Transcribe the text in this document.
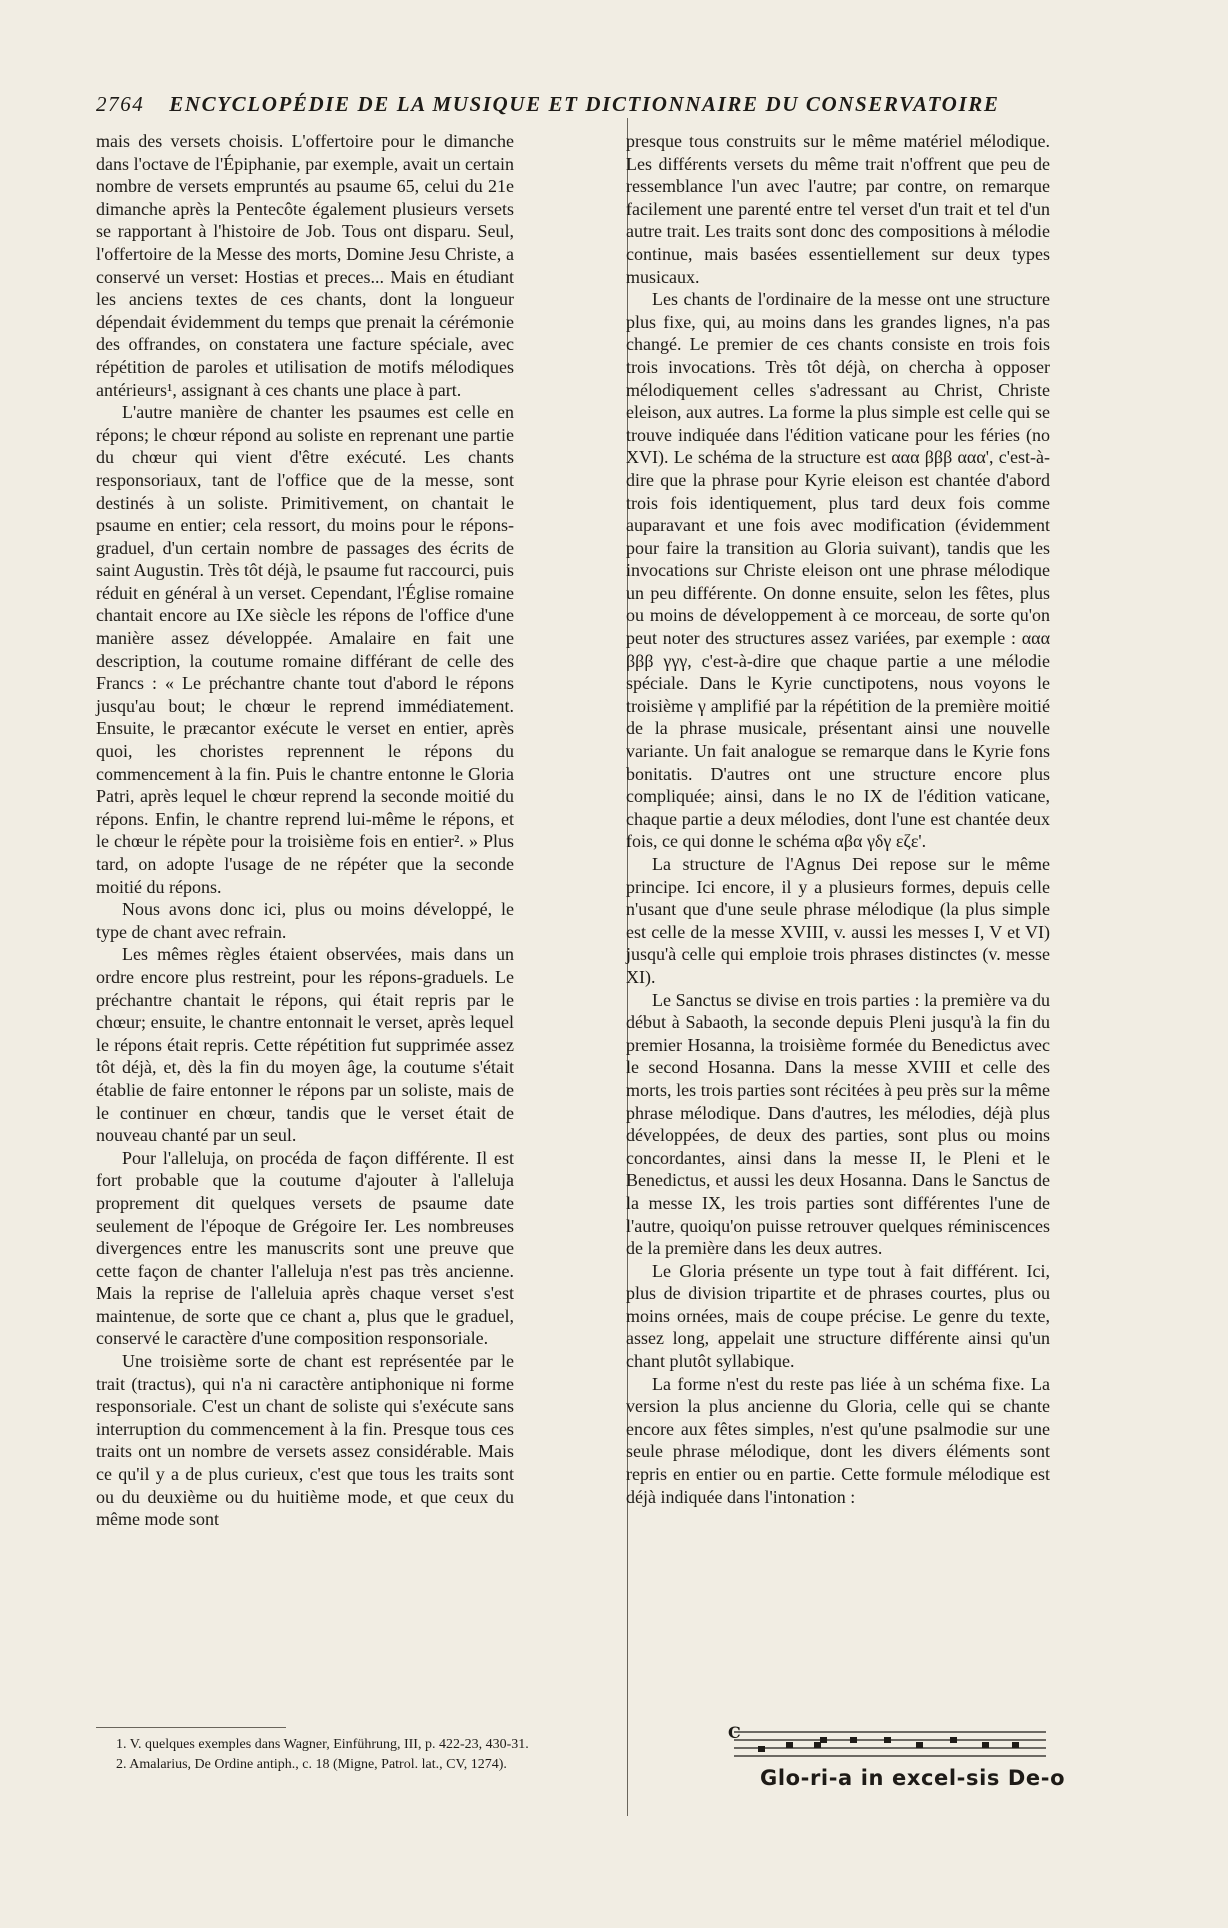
2764 ENCYCLOPÉDIE DE LA MUSIQUE ET DICTIONNAIRE DU CONSERVATOIRE

mais des versets choisis. L'offertoire pour le dimanche dans l'octave de l'Épiphanie, par exemple, avait un certain nombre de versets empruntés au psaume 65, celui du 21e dimanche après la Pentecôte également plusieurs versets se rapportant à l'histoire de Job. Tous ont disparu. Seul, l'offertoire de la Messe des morts, Domine Jesu Christe, a conservé un verset: Hostias et preces... Mais en étudiant les anciens textes de ces chants, dont la longueur dépendait évidemment du temps que prenait la cérémonie des offrandes, on constatera une facture spéciale, avec répétition de paroles et utilisation de motifs mélodiques antérieurs¹, assignant à ces chants une place à part.

L'autre manière de chanter les psaumes est celle en répons; le chœur répond au soliste en reprenant une partie du chœur qui vient d'être exécuté. Les chants responsoriaux, tant de l'office que de la messe, sont destinés à un soliste. Primitivement, on chantait le psaume en entier; cela ressort, du moins pour le répons-graduel, d'un certain nombre de passages des écrits de saint Augustin. Très tôt déjà, le psaume fut raccourci, puis réduit en général à un verset. Cependant, l'Église romaine chantait encore au IXe siècle les répons de l'office d'une manière assez développée. Amalaire en fait une description, la coutume romaine différant de celle des Francs : « Le préchantre chante tout d'abord le répons jusqu'au bout; le chœur le reprend immédiatement. Ensuite, le præcantor exécute le verset en entier, après quoi, les choristes reprennent le répons du commencement à la fin. Puis le chantre entonne le Gloria Patri, après lequel le chœur reprend la seconde moitié du répons. Enfin, le chantre reprend lui-même le répons, et le chœur le répète pour la troisième fois en entier². » Plus tard, on adopte l'usage de ne répéter que la seconde moitié du répons.

Nous avons donc ici, plus ou moins développé, le type de chant avec refrain.

Les mêmes règles étaient observées, mais dans un ordre encore plus restreint, pour les répons-graduels. Le préchantre chantait le répons, qui était repris par le chœur; ensuite, le chantre entonnait le verset, après lequel le répons était repris. Cette répétition fut supprimée assez tôt déjà, et, dès la fin du moyen âge, la coutume s'était établie de faire entonner le répons par un soliste, mais de le continuer en chœur, tandis que le verset était de nouveau chanté par un seul.

Pour l'alleluja, on procéda de façon différente. Il est fort probable que la coutume d'ajouter à l'alleluja proprement dit quelques versets de psaume date seulement de l'époque de Grégoire Ier. Les nombreuses divergences entre les manuscrits sont une preuve que cette façon de chanter l'alleluja n'est pas très ancienne. Mais la reprise de l'alleluia après chaque verset s'est maintenue, de sorte que ce chant a, plus que le graduel, conservé le caractère d'une composition responsoriale.

Une troisième sorte de chant est représentée par le trait (tractus), qui n'a ni caractère antiphonique ni forme responsoriale. C'est un chant de soliste qui s'exécute sans interruption du commencement à la fin. Presque tous ces traits ont un nombre de versets assez considérable. Mais ce qu'il y a de plus curieux, c'est que tous les traits sont ou du deuxième ou du huitième mode, et que ceux du même mode sont

presque tous construits sur le même matériel mélodique. Les différents versets du même trait n'offrent que peu de ressemblance l'un avec l'autre; par contre, on remarque facilement une parenté entre tel verset d'un trait et tel d'un autre trait. Les traits sont donc des compositions à mélodie continue, mais basées essentiellement sur deux types musicaux.

Les chants de l'ordinaire de la messe ont une structure plus fixe, qui, au moins dans les grandes lignes, n'a pas changé. Le premier de ces chants consiste en trois fois trois invocations. Très tôt déjà, on chercha à opposer mélodiquement celles s'adressant au Christ, Christe eleison, aux autres. La forme la plus simple est celle qui se trouve indiquée dans l'édition vaticane pour les féries (no XVI). Le schéma de la structure est ααα βββ ααα', c'est-à-dire que la phrase pour Kyrie eleison est chantée d'abord trois fois identiquement, plus tard deux fois comme auparavant et une fois avec modification (évidemment pour faire la transition au Gloria suivant), tandis que les invocations sur Christe eleison ont une phrase mélodique un peu différente. On donne ensuite, selon les fêtes, plus ou moins de développement à ce morceau, de sorte qu'on peut noter des structures assez variées, par exemple : ααα βββ γγγ, c'est-à-dire que chaque partie a une mélodie spéciale. Dans le Kyrie cunctipotens, nous voyons le troisième γ amplifié par la répétition de la première moitié de la phrase musicale, présentant ainsi une nouvelle variante. Un fait analogue se remarque dans le Kyrie fons bonitatis. D'autres ont une structure encore plus compliquée; ainsi, dans le no IX de l'édition vaticane, chaque partie a deux mélodies, dont l'une est chantée deux fois, ce qui donne le schéma αβα γδγ εζε'.

La structure de l'Agnus Dei repose sur le même principe. Ici encore, il y a plusieurs formes, depuis celle n'usant que d'une seule phrase mélodique (la plus simple est celle de la messe XVIII, v. aussi les messes I, V et VI) jusqu'à celle qui emploie trois phrases distinctes (v. messe XI).

Le Sanctus se divise en trois parties : la première va du début à Sabaoth, la seconde depuis Pleni jusqu'à la fin du premier Hosanna, la troisième formée du Benedictus avec le second Hosanna. Dans la messe XVIII et celle des morts, les trois parties sont récitées à peu près sur la même phrase mélodique. Dans d'autres, les mélodies, déjà plus développées, de deux des parties, sont plus ou moins concordantes, ainsi dans la messe II, le Pleni et le Benedictus, et aussi les deux Hosanna. Dans le Sanctus de la messe IX, les trois parties sont différentes l'une de l'autre, quoiqu'on puisse retrouver quelques réminiscences de la première dans les deux autres.

Le Gloria présente un type tout à fait différent. Ici, plus de division tripartite et de phrases courtes, plus ou moins ornées, mais de coupe précise. Le genre du texte, assez long, appelait une structure différente ainsi qu'un chant plutôt syllabique.

La forme n'est du reste pas liée à un schéma fixe. La version la plus ancienne du Gloria, celle qui se chante encore aux fêtes simples, n'est qu'une psalmodie sur une seule phrase mélodique, dont les divers éléments sont repris en entier ou en partie. Cette formule mélodique est déjà indiquée dans l'intonation :

1. V. quelques exemples dans Wagner, Einführung, III, p. 422-23, 430-31.

2. Amalarius, De Ordine antiph., c. 18 (Migne, Patrol. lat., CV, 1274).

C
Glo-ri-a in excel-sis De-o
